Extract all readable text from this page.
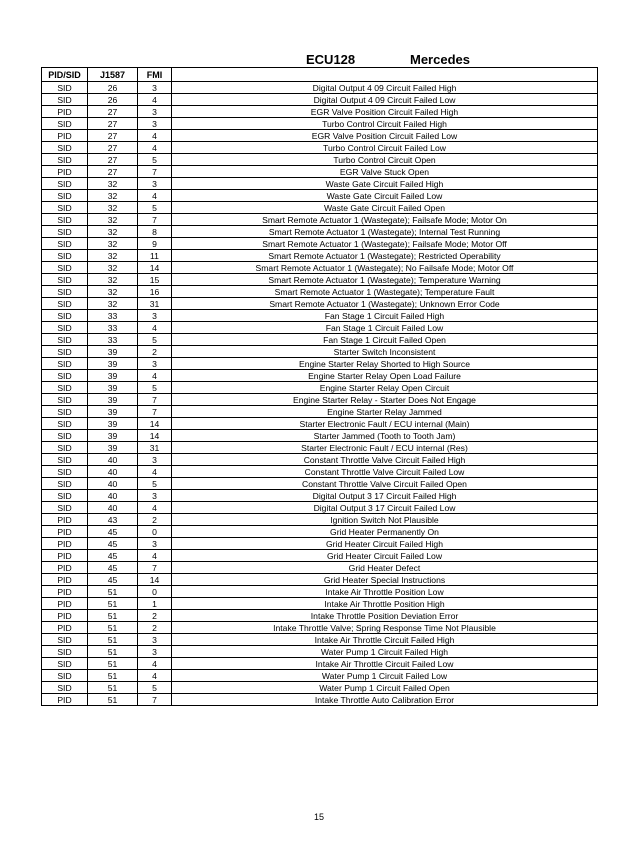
ECU128	Mercedes
PID/SID	J1587	FMI	
SID	26	3	Digital Output 4 09 Circuit Failed High
SID	26	4	Digital Output 4 09 Circuit Failed Low
PID	27	3	EGR Valve Position Circuit Failed High
SID	27	3	Turbo Control Circuit Failed High
PID	27	4	EGR Valve Position Circuit Failed Low
SID	27	4	Turbo Control Circuit Failed Low
SID	27	5	Turbo Control Circuit Open
PID	27	7	EGR Valve Stuck Open
SID	32	3	Waste Gate Circuit Failed High
SID	32	4	Waste Gate Circuit Failed Low
SID	32	5	Waste Gate Circuit Failed Open
SID	32	7	Smart Remote Actuator 1 (Wastegate); Failsafe Mode; Motor On
SID	32	8	Smart Remote Actuator 1 (Wastegate); Internal Test Running
SID	32	9	Smart Remote Actuator 1 (Wastegate); Failsafe Mode; Motor Off
SID	32	11	Smart Remote Actuator 1 (Wastegate); Restricted Operability
SID	32	14	Smart Remote Actuator 1 (Wastegate); No Failsafe Mode; Motor Off
SID	32	15	Smart Remote Actuator 1 (Wastegate); Temperature Warning
SID	32	16	Smart Remote Actuator 1 (Wastegate); Temperature Fault
SID	32	31	Smart Remote Actuator 1 (Wastegate); Unknown Error Code
SID	33	3	Fan Stage 1 Circuit Failed High
SID	33	4	Fan Stage 1 Circuit Failed Low
SID	33	5	Fan Stage 1 Circuit Failed Open
SID	39	2	Starter Switch Inconsistent
SID	39	3	Engine Starter Relay Shorted to High Source
SID	39	4	Engine Starter Relay Open Load Failure
SID	39	5	Engine Starter Relay Open Circuit
SID	39	7	Engine Starter Relay - Starter Does Not Engage
SID	39	7	Engine Starter Relay Jammed
SID	39	14	Starter Electronic Fault / ECU internal (Main)
SID	39	14	Starter Jammed (Tooth to Tooth Jam)
SID	39	31	Starter Electronic Fault / ECU internal (Res)
SID	40	3	Constant Throttle Valve Circuit Failed High
SID	40	4	Constant Throttle Valve Circuit Failed Low
SID	40	5	Constant Throttle Valve Circuit Failed Open
SID	40	3	Digital Output 3 17 Circuit Failed High
SID	40	4	Digital Output 3 17 Circuit Failed Low
PID	43	2	Ignition Switch Not Plausible
PID	45	0	Grid Heater Permanently On
PID	45	3	Grid Heater Circuit Failed High
PID	45	4	Grid Heater Circuit Failed Low
PID	45	7	Grid Heater Defect
PID	45	14	Grid Heater Special Instructions
PID	51	0	Intake Air Throttle Position Low
PID	51	1	Intake Air Throttle Position High
PID	51	2	Intake Throttle Position Deviation Error
PID	51	2	Intake Throttle Valve; Spring Response Time Not Plausible
SID	51	3	Intake Air Throttle Circuit Failed High
SID	51	3	Water Pump 1 Circuit Failed High
SID	51	4	Intake Air Throttle Circuit Failed Low
SID	51	4	Water Pump 1 Circuit Failed Low
SID	51	5	Water Pump 1 Circuit Failed Open
PID	51	7	Intake Throttle Auto Calibration Error
15
